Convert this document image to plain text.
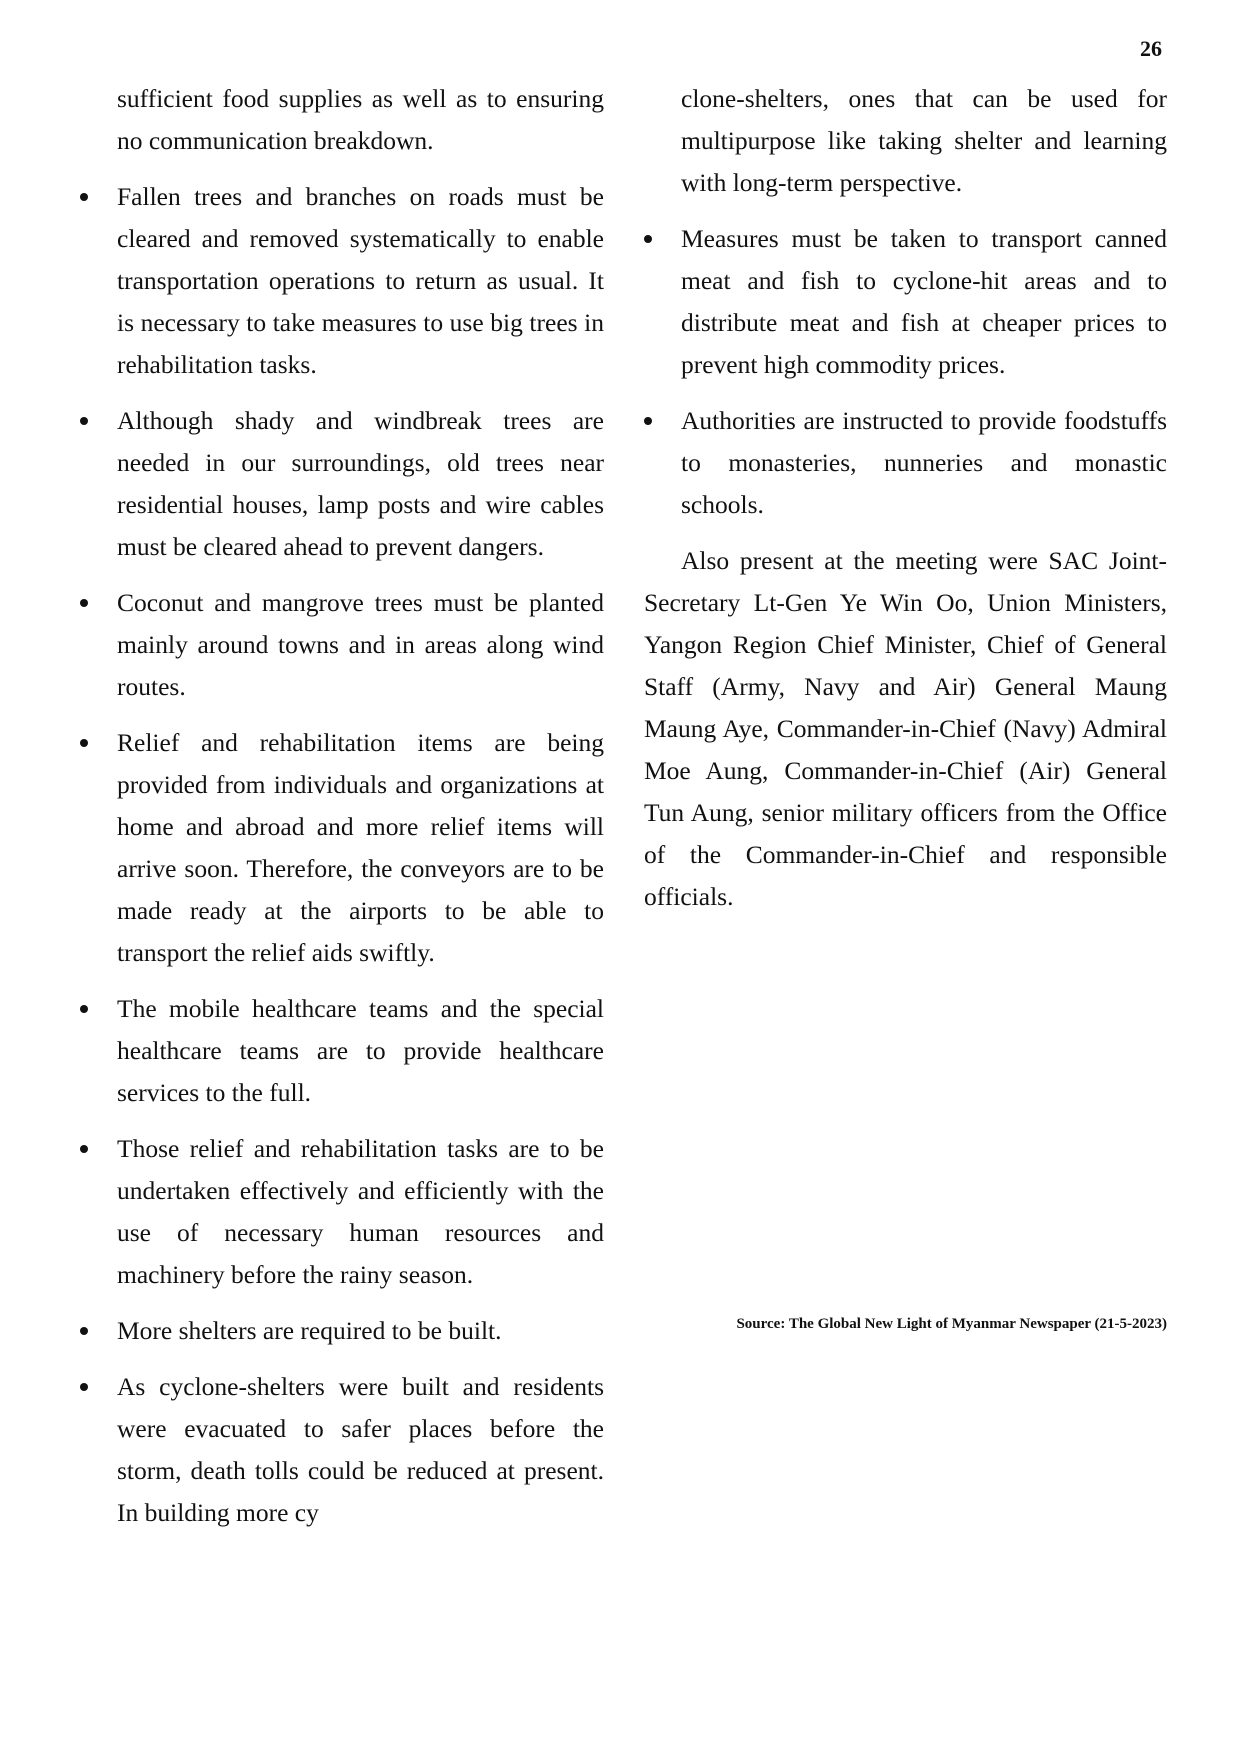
26

sufficient food supplies as well as to ensuring no communication breakdown.

Fallen trees and branches on roads must be cleared and removed systematically to enable transportation operations to return as usual. It is necessary to take measures to use big trees in rehabilitation tasks.
Although shady and windbreak trees are needed in our surroundings, old trees near residential houses, lamp posts and wire cables must be cleared ahead to prevent dangers.
Coconut and mangrove trees must be planted mainly around towns and in areas along wind routes.
Relief and rehabilitation items are being provided from individuals and organizations at home and abroad and more relief items will arrive soon. Therefore, the conveyors are to be made ready at the airports to be able to transport the relief aids swiftly.
The mobile healthcare teams and the special healthcare teams are to provide healthcare services to the full.
Those relief and rehabilitation tasks are to be undertaken effectively and efficiently with the use of necessary human resources and machinery before the rainy season.
More shelters are required to be built.
As cyclone-shelters were built and residents were evacuated to safer places before the storm, death tolls could be reduced at present. In building more cy

clone-shelters, ones that can be used for multipurpose like taking shelter and learning with long-term perspective.

Measures must be taken to transport canned meat and fish to cyclone-hit areas and to distribute meat and fish at cheaper prices to prevent high commodity prices.
Authorities are instructed to provide foodstuffs to monasteries, nunneries and monastic schools.

Also present at the meeting were SAC Joint-Secretary Lt-Gen Ye Win Oo, Union Ministers, Yangon Region Chief Minister, Chief of General Staff (Army, Navy and Air) General Maung Maung Aye, Commander-in-Chief (Navy) Admiral Moe Aung, Commander-in-Chief (Air) General Tun Aung, senior military officers from the Office of the Commander-in-Chief and responsible officials.

Source: The Global New Light of Myanmar Newspaper (21-5-2023)
